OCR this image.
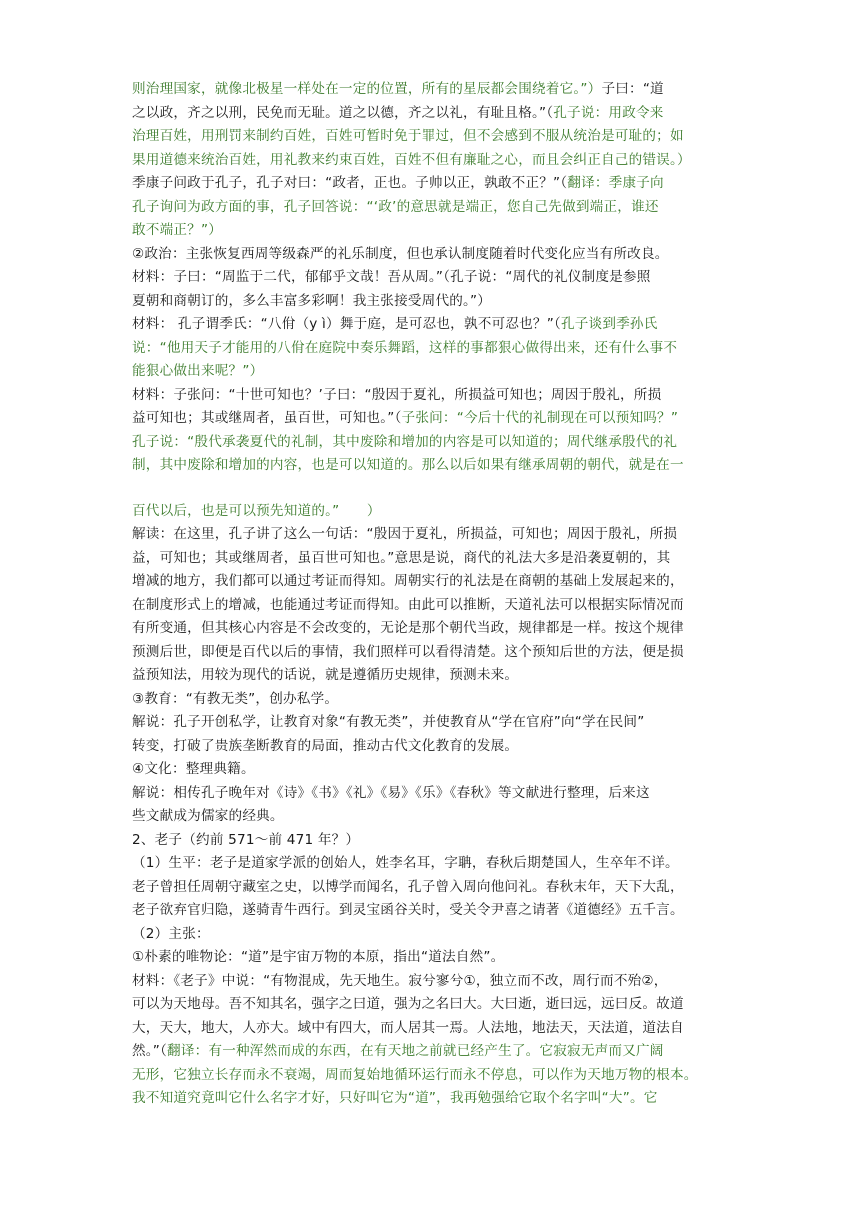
则治理国家，就像北极星一样处在一定的位置，所有的星辰都会围绕着它。”）子曰：“道
之以政，齐之以刑，民免而无耻。道之以德，齐之以礼，有耻且格。”（孔子说：用政令来
治理百姓，用刑罚来制约百姓，百姓可暂时免于罪过，但不会感到不服从统治是可耻的；如
果用道德来统治百姓，用礼教来约束百姓，百姓不但有廉耻之心，而且会纠正自己的错误。）
季康子问政于孔子，孔子对曰：“政者，正也。子帅以正，孰敢不正？”（翻译：季康子向
孔子询问为政方面的事，孔子回答说：“‘政’的意思就是端正，您自己先做到端正，谁还
敢不端正？”）
②政治：主张恢复西周等级森严的礼乐制度，但也承认制度随着时代变化应当有所改良。
材料：子曰：“周监于二代，郁郁乎文哉！吾从周。”（孔子说：“周代的礼仪制度是参照
夏朝和商朝订的，多么丰富多彩啊！我主张接受周代的。”）
材料： 孔子谓季氏：“八佾（y ì）舞于庭，是可忍也，孰不可忍也？”（孔子谈到季孙氏
说：“他用天子才能用的八佾在庭院中奏乐舞蹈，这样的事都狠心做得出来，还有什么事不
能狠心做出来呢？”）
材料：子张问：“十世可知也？’子曰：“殷因于夏礼，所损益可知也；周因于殷礼，所损
益可知也；其或继周者，虽百世，可知也。”（子张问：“今后十代的礼制现在可以预知吗？”
孔子说：“殷代承袭夏代的礼制，其中废除和增加的内容是可以知道的；周代继承殷代的礼
制，其中废除和增加的内容，也是可以知道的。那么以后如果有继承周朝的朝代，就是在一
百代以后，也是可以预先知道的。”　　）
解读：在这里，孔子讲了这么一句话：“殷因于夏礼，所损益，可知也；周因于殷礼，所损
益，可知也；其或继周者，虽百世可知也。”意思是说，商代的礼法大多是沿袭夏朝的，其
增减的地方，我们都可以通过考证而得知。周朝实行的礼法是在商朝的基础上发展起来的，
在制度形式上的增减，也能通过考证而得知。由此可以推断，天道礼法可以根据实际情况而
有所变通，但其核心内容是不会改变的，无论是那个朝代当政，规律都是一样。按这个规律
预测后世，即便是百代以后的事情，我们照样可以看得清楚。这个预知后世的方法，便是损
益预知法，用较为现代的话说，就是遵循历史规律，预测未来。
③教育：“有教无类”，创办私学。
解说：孔子开创私学，让教育对象“有教无类”，并使教育从“学在官府”向“学在民间”
转变，打破了贵族垄断教育的局面，推动古代文化教育的发展。
④文化：整理典籍。
解说：相传孔子晚年对《诗》《书》《礼》《易》《乐》《春秋》等文献进行整理，后来这
些文献成为儒家的经典。
2、老子（约前 571～前 471 年？）
（1）生平：老子是道家学派的创始人，姓李名耳，字聃，春秋后期楚国人，生卒年不详。
老子曾担任周朝守藏室之史，以博学而闻名，孔子曾入周向他问礼。春秋末年，天下大乱，
老子欲弃官归隐，遂骑青牛西行。到灵宝函谷关时，受关令尹喜之请著《道德经》五千言。
（2）主张：
①朴素的唯物论：“道”是宇宙万物的本原，指出“道法自然”。
材料：《老子》中说：“有物混成，先天地生。寂兮寥兮①，独立而不改，周行而不殆②，
可以为天地母。吾不知其名，强字之曰道，强为之名曰大。大曰逝，逝曰远，远曰反。故道
大，天大，地大，人亦大。域中有四大，而人居其一焉。人法地，地法天，天法道，道法自
然。”（翻译：有一种浑然而成的东西，在有天地之前就已经产生了。它寂寂无声而又广阔
无形，它独立长存而永不衰竭，周而复始地循环运行而永不停息，可以作为天地万物的根本。
我不知道究竟叫它什么名字才好，只好叫它为“道”，我再勉强给它取个名字叫“大”。它
